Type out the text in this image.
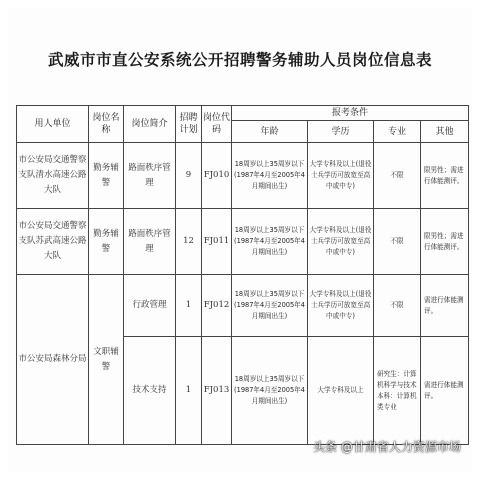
武威市市直公安系统公开招聘警务辅助人员岗位信息表
用人单位	岗位名称	岗位简介	招聘计划	岗位代码	报考条件			
					年龄	学历	专业	其他
市公安局交通警察支队清水高速公路大队	勤务辅警	路面秩序管理	9	FJ010	18周岁以上35周岁以下(1987年4月至2005年4月期间出生)	大学专科及以上(退役士兵学历可放宽至高中或中专)	不限	限男性；需进行体能测评。
市公安局交通警察支队苏武高速公路大队	勤务辅警	路面秩序管理	12	FJ011	18周岁以上35周岁以下(1987年4月至2005年4月期间出生)	大学专科及以上(退役士兵学历可放宽至高中或中专)	不限	限男性；需进行体能测评。
市公安局森林分局	文职辅警	行政管理	1	FJ012	18周岁以上35周岁以下(1987年4月至2005年4月期间出生)	大学专科及以上(退役士兵学历可放宽至高中或中专)	不限	需进行体能测评。
		技术支持	1	FJ013	18周岁以上35周岁以下(1987年4月至2005年4月期间出生)	大学专科及以上	研究生：计算机科学与技术本科：计算机类专业	需进行体能测评。
头条 @甘肃省人力资源市场
